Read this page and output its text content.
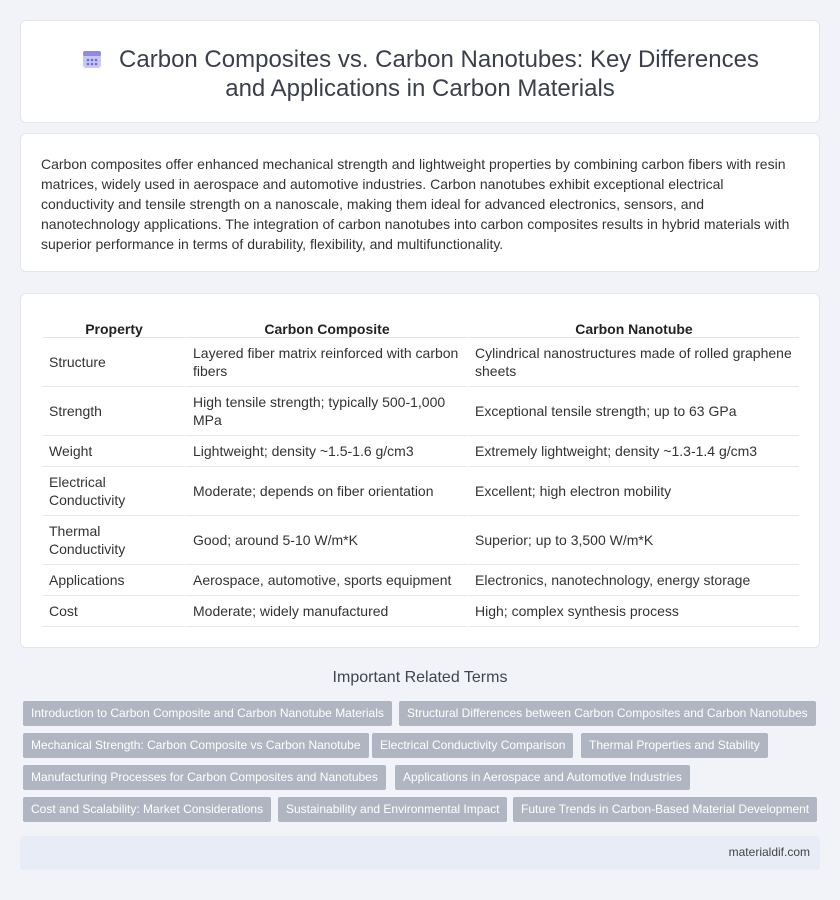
Carbon Composites vs. Carbon Nanotubes: Key Differences and Applications in Carbon Materials

Carbon composites offer enhanced mechanical strength and lightweight properties by combining carbon fibers with resin matrices, widely used in aerospace and automotive industries. Carbon nanotubes exhibit exceptional electrical conductivity and tensile strength on a nanoscale, making them ideal for advanced electronics, sensors, and nanotechnology applications. The integration of carbon nanotubes into carbon composites results in hybrid materials with superior performance in terms of durability, flexibility, and multifunctionality.

Property	Carbon Composite	Carbon Nanotube
Structure	Layered fiber matrix reinforced with carbon fibers	Cylindrical nanostructures made of rolled graphene sheets
Strength	High tensile strength; typically 500-1,000 MPa	Exceptional tensile strength; up to 63 GPa
Weight	Lightweight; density ~1.5-1.6 g/cm3	Extremely lightweight; density ~1.3-1.4 g/cm3
Electrical Conductivity	Moderate; depends on fiber orientation	Excellent; high electron mobility
Thermal Conductivity	Good; around 5-10 W/m*K	Superior; up to 3,500 W/m*K
Applications	Aerospace, automotive, sports equipment	Electronics, nanotechnology, energy storage
Cost	Moderate; widely manufactured	High; complex synthesis process
Important Related Terms
Introduction to Carbon Composite and Carbon Nanotube Materials	Structural Differences between Carbon Composites and Carbon Nanotubes
Mechanical Strength: Carbon Composite vs Carbon Nanotube	Electrical Conductivity Comparison	Thermal Properties and Stability
Manufacturing Processes for Carbon Composites and Nanotubes	Applications in Aerospace and Automotive Industries
Cost and Scalability: Market Considerations	Sustainability and Environmental Impact	Future Trends in Carbon-Based Material Development
materialdif.com
